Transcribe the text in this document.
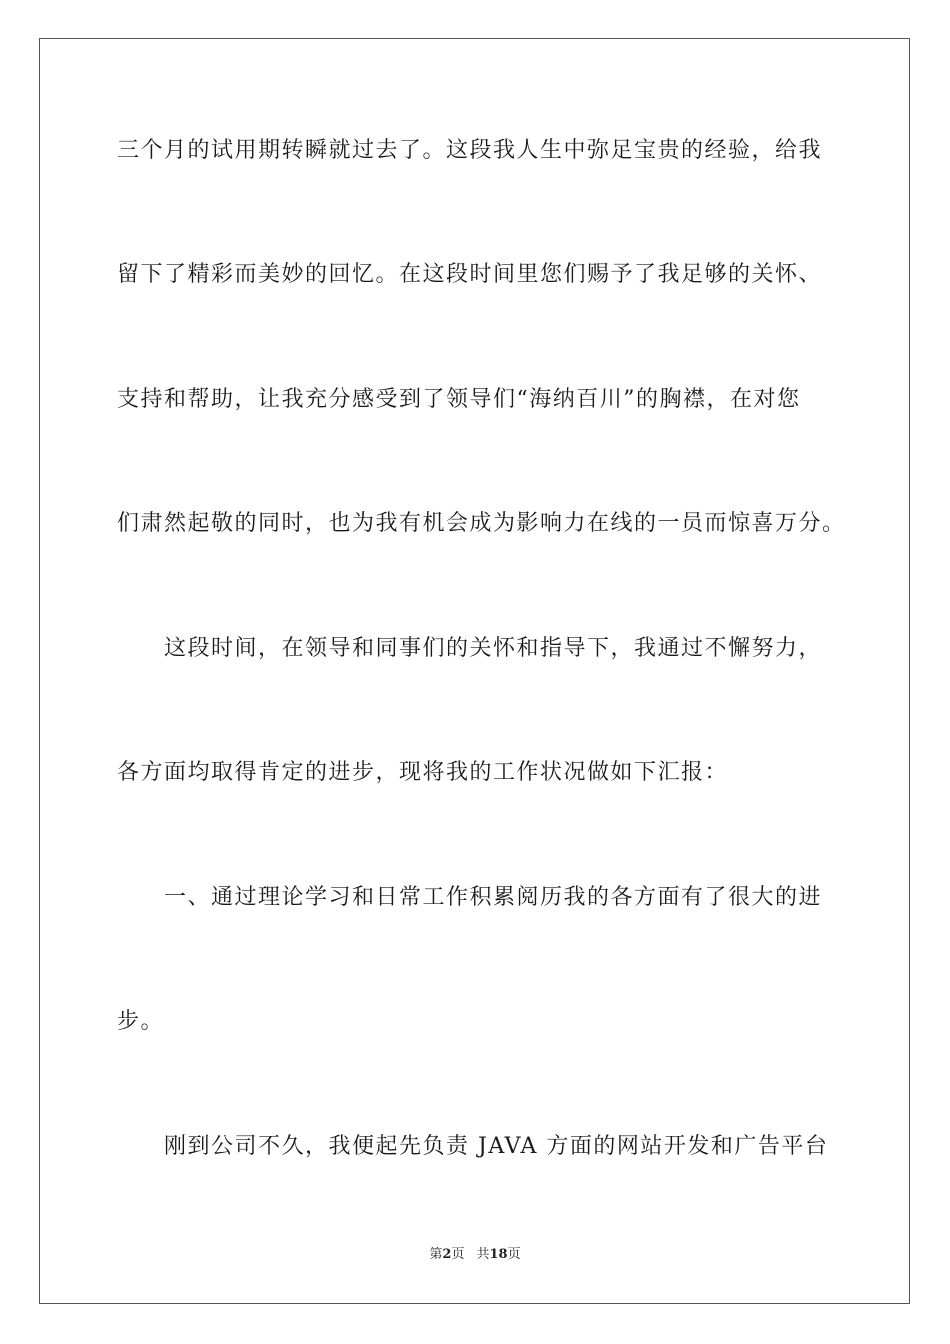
三个月的试用期转瞬就过去了。这段我人生中弥足宝贵的经验，给我
留下了精彩而美妙的回忆。在这段时间里您们赐予了我足够的关怀、
支持和帮助，让我充分感受到了领导们“海纳百川”的胸襟，在对您
们肃然起敬的同时，也为我有机会成为影响力在线的一员而惊喜万分。
这段时间，在领导和同事们的关怀和指导下，我通过不懈努力，
各方面均取得肯定的进步，现将我的工作状况做如下汇报：
一、通过理论学习和日常工作积累阅历我的各方面有了很大的进
步。
刚到公司不久，我便起先负责 JAVA 方面的网站开发和广告平台
第2页 共18页
